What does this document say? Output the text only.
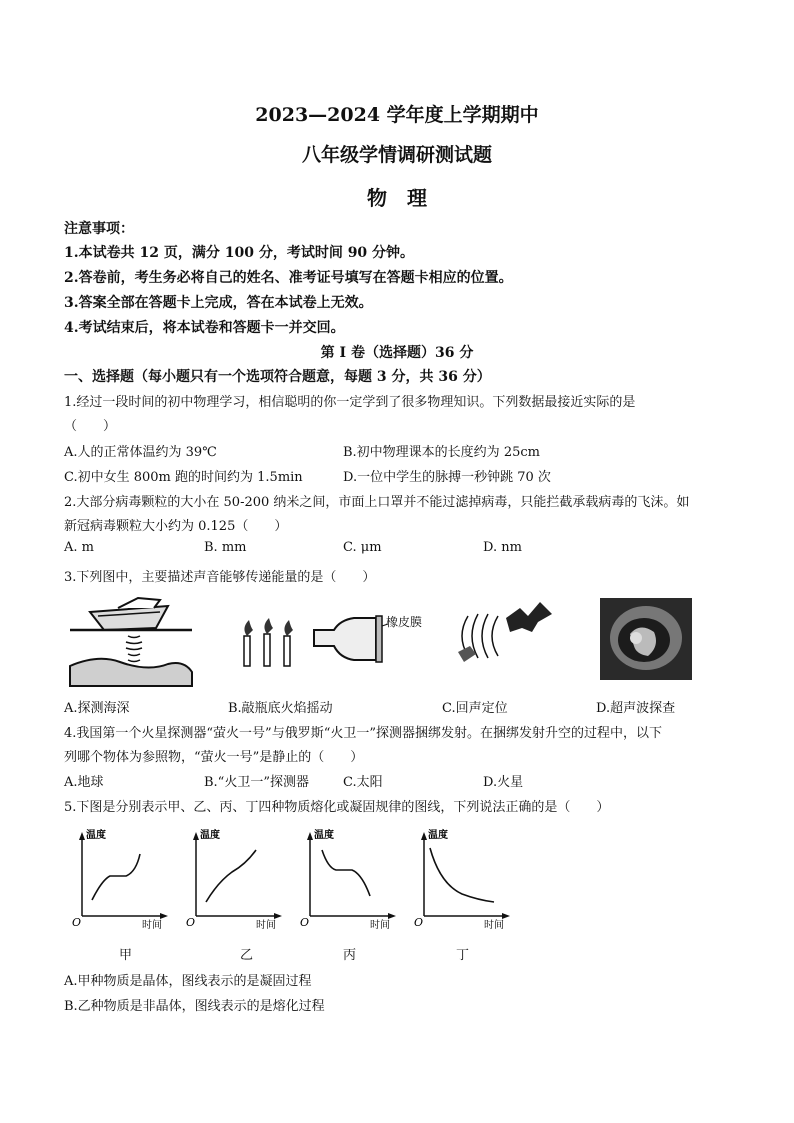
2023—2024 学年度上学期期中
八年级学情调研测试题
物　理
注意事项：
1.本试卷共 12 页，满分 100 分，考试时间 90 分钟。
2.答卷前，考生务必将自己的姓名、准考证号填写在答题卡相应的位置。
3.答案全部在答题卡上完成，答在本试卷上无效。
4.考试结束后，将本试卷和答题卡一并交回。
第 I 卷（选择题）36 分
一、选择题（每小题只有一个选项符合题意，每题 3 分，共 36 分）
1.经过一段时间的初中物理学习，相信聪明的你一定学到了很多物理知识。下列数据最接近实际的是
（　　）
A.人的正常体温约为 39℃	B.初中物理课本的长度约为 25cm
C.初中女生 800m 跑的时间约为 1.5min	D.一位中学生的脉搏一秒钟跳 70 次
2.大部分病毒颗粒的大小在 50-200 纳米之间，市面上口罩并不能过滤掉病毒，只能拦截承载病毒的飞沫。如
新冠病毒颗粒大小约为 0.125（　　）
A. m	B. mm	C. μm	D. nm
3.下列图中，主要描述声音能够传递能量的是（　　）
橡皮膜
A.探测海深	B.敲瓶底火焰摇动	C.回声定位	D.超声波探查
4.我国第一个火星探测器“萤火一号”与俄罗斯“火卫一”探测器捆绑发射。在捆绑发射升空的过程中，以下
列哪个物体为参照物，“萤火一号”是静止的（　　）
A.地球	B.“火卫一”探测器	C.太阳	D.火星
5.下图是分别表示甲、乙、丙、丁四种物质熔化或凝固规律的图线，下列说法正确的是（　　）
温度
时间
O
温度
时间
O
温度
时间
O
温度
时间
O
甲	乙	丙	丁
A.甲种物质是晶体，图线表示的是凝固过程
B.乙种物质是非晶体，图线表示的是熔化过程
